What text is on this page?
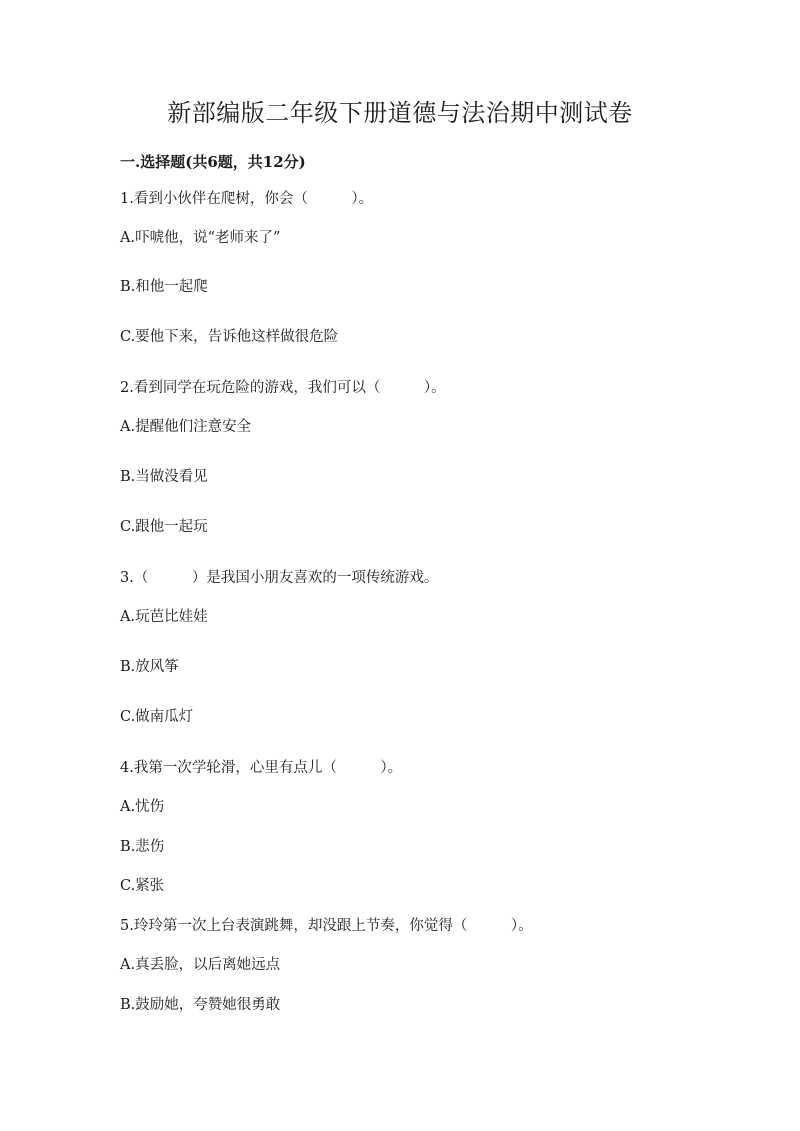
新部编版二年级下册道德与法治期中测试卷
一.选择题(共6题，共12分)
1.看到小伙伴在爬树，你会（　　　）。
A.吓唬他，说“老师来了”
B.和他一起爬
C.要他下来，告诉他这样做很危险
2.看到同学在玩危险的游戏，我们可以（　　　）。
A.提醒他们注意安全
B.当做没看见
C.跟他一起玩
3.（　　　）是我国小朋友喜欢的一项传统游戏。
A.玩芭比娃娃
B.放风筝
C.做南瓜灯
4.我第一次学轮滑，心里有点儿（　　　）。
A.忧伤
B.悲伤
C.紧张
5.玲玲第一次上台表演跳舞，却没跟上节奏，你觉得（　　　）。
A.真丢脸，以后离她远点
B.鼓励她，夸赞她很勇敢
